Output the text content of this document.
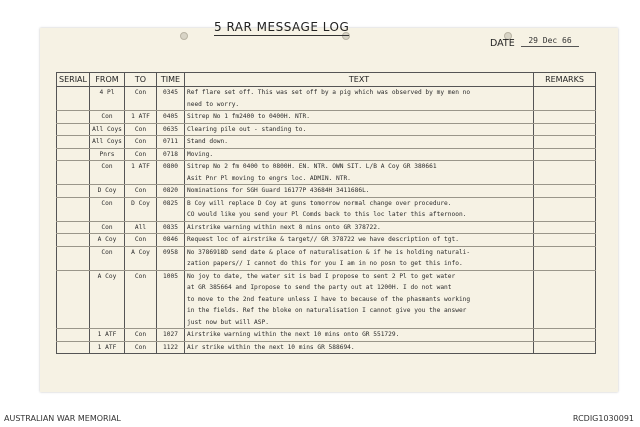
5 RAR MESSAGE LOG
DATE	29 Dec 66
SERIAL	FROM	TO	TIME	TEXT	REMARKS
	4 Pl	Con	0345	Ref flare set off. This was set off by a pig which was observed by my men no	
				need to worry.	
	Con	1 ATF	0405	Sitrep No 1 fm2400 to 0400H. NTR.	
	All Coys	Con	0635	Clearing pile out - standing to.	
	All Coys	Con	0711	Stand down.	
	Pnrs	Con	0718	Moving.	
	Con	1 ATF	0800	Sitrep No 2 fm 0400 to 0800H. EN. NTR. OWN SIT. L/B A Coy GR 380661	
				Asit Pnr Pl moving to engrs loc. ADMIN. NTR.	
	D Coy	Con	0820	Nominations for SGH Guard 16177P 43684H 3411686L.	
	Con	D Coy	0825	B Coy will replace D Coy at guns tomorrow normal change over procedure.	
				CO would like you send your Pl Comds back to this loc later this afternoon.	
	Con	All	0835	Airstrike warning within next 8 mins onto GR 378722.	
	A Coy	Con	0846	Request loc of airstrike & target// GR 378722 we have description of tgt.	
	Con	A Coy	0958	No 3786918D send date & place of naturalisation & if he is holding naturali-	
				zation papers// I cannot do this for you I am in no posn to get this info.	
	A Coy	Con	1005	No joy to date, the water sit is bad I propose to sent 2 Pl to get water	
				at GR 385664 and Ipropose to send the party out at 1200H. I do not want	
				to move to the 2nd feature unless I have to because of the phasmants working	
				in the fields. Ref the bloke on naturalisation I cannot give you the answer	
				just now but will ASP.	
	1 ATF	Con	1027	Airstrike warning within the next 10 mins onto GR 551729.	
	1 ATF	Con	1122	Air strike within the next 10 mins GR 588694.	
AUSTRALIAN WAR MEMORIAL	RCDIG1030091
